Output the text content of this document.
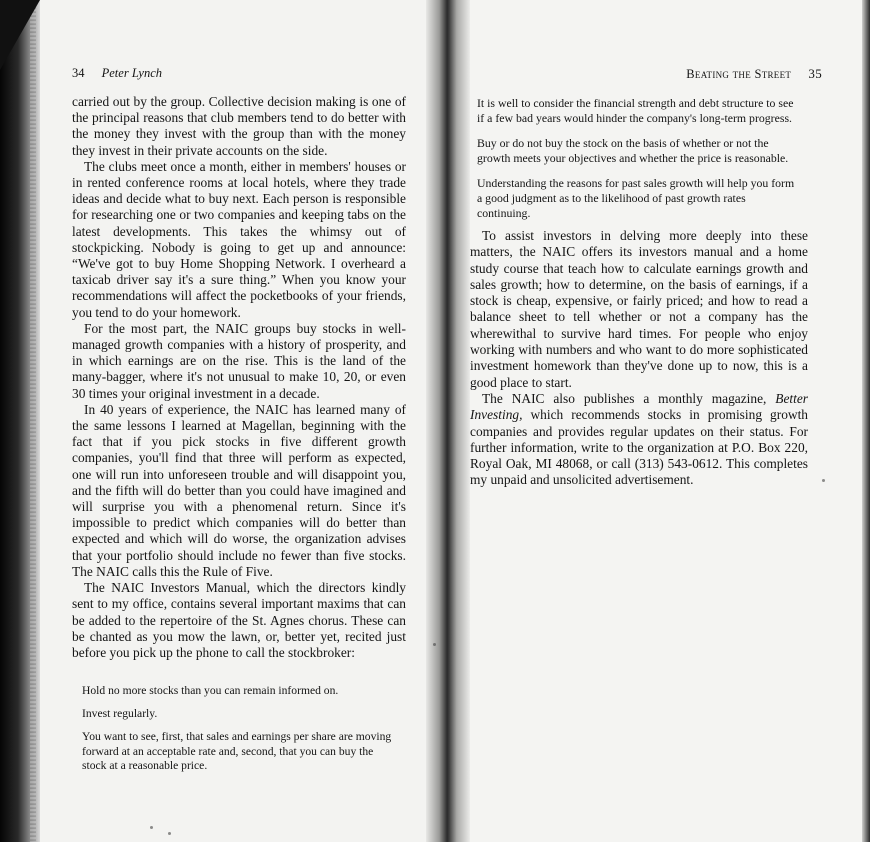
34 Peter Lynch

carried out by the group. Collective decision making is one of the principal reasons that club members tend to do better with the money they invest with the group than with the money they invest in their private accounts on the side.

The clubs meet once a month, either in members' houses or in rented conference rooms at local hotels, where they trade ideas and decide what to buy next. Each person is responsible for researching one or two companies and keeping tabs on the latest developments. This takes the whimsy out of stockpicking. Nobody is going to get up and announce: “We've got to buy Home Shopping Network. I overheard a taxicab driver say it's a sure thing.” When you know your recommendations will affect the pocketbooks of your friends, you tend to do your homework.

For the most part, the NAIC groups buy stocks in well-managed growth companies with a history of prosperity, and in which earnings are on the rise. This is the land of the many-bagger, where it's not unusual to make 10, 20, or even 30 times your original investment in a decade.

In 40 years of experience, the NAIC has learned many of the same lessons I learned at Magellan, beginning with the fact that if you pick stocks in five different growth companies, you'll find that three will perform as expected, one will run into unforeseen trouble and will disappoint you, and the fifth will do better than you could have imagined and will surprise you with a phenomenal return. Since it's impossible to predict which companies will do better than expected and which will do worse, the organization advises that your portfolio should include no fewer than five stocks. The NAIC calls this the Rule of Five.

The NAIC Investors Manual, which the directors kindly sent to my office, contains several important maxims that can be added to the repertoire of the St. Agnes chorus. These can be chanted as you mow the lawn, or, better yet, recited just before you pick up the phone to call the stockbroker:

Hold no more stocks than you can remain informed on.

Invest regularly.

You want to see, first, that sales and earnings per share are moving forward at an acceptable rate and, second, that you can buy the stock at a reasonable price.

Beating the Street 35

It is well to consider the financial strength and debt structure to see if a few bad years would hinder the company's long-term progress.

Buy or do not buy the stock on the basis of whether or not the growth meets your objectives and whether the price is reasonable.

Understanding the reasons for past sales growth will help you form a good judgment as to the likelihood of past growth rates continuing.

To assist investors in delving more deeply into these matters, the NAIC offers its investors manual and a home study course that teach how to calculate earnings growth and sales growth; how to determine, on the basis of earnings, if a stock is cheap, expensive, or fairly priced; and how to read a balance sheet to tell whether or not a company has the wherewithal to survive hard times. For people who enjoy working with numbers and who want to do more sophisticated investment homework than they've done up to now, this is a good place to start.

The NAIC also publishes a monthly magazine, Better Investing, which recommends stocks in promising growth companies and provides regular updates on their status. For further information, write to the organization at P.O. Box 220, Royal Oak, MI 48068, or call (313) 543-0612. This completes my unpaid and unsolicited advertisement.
